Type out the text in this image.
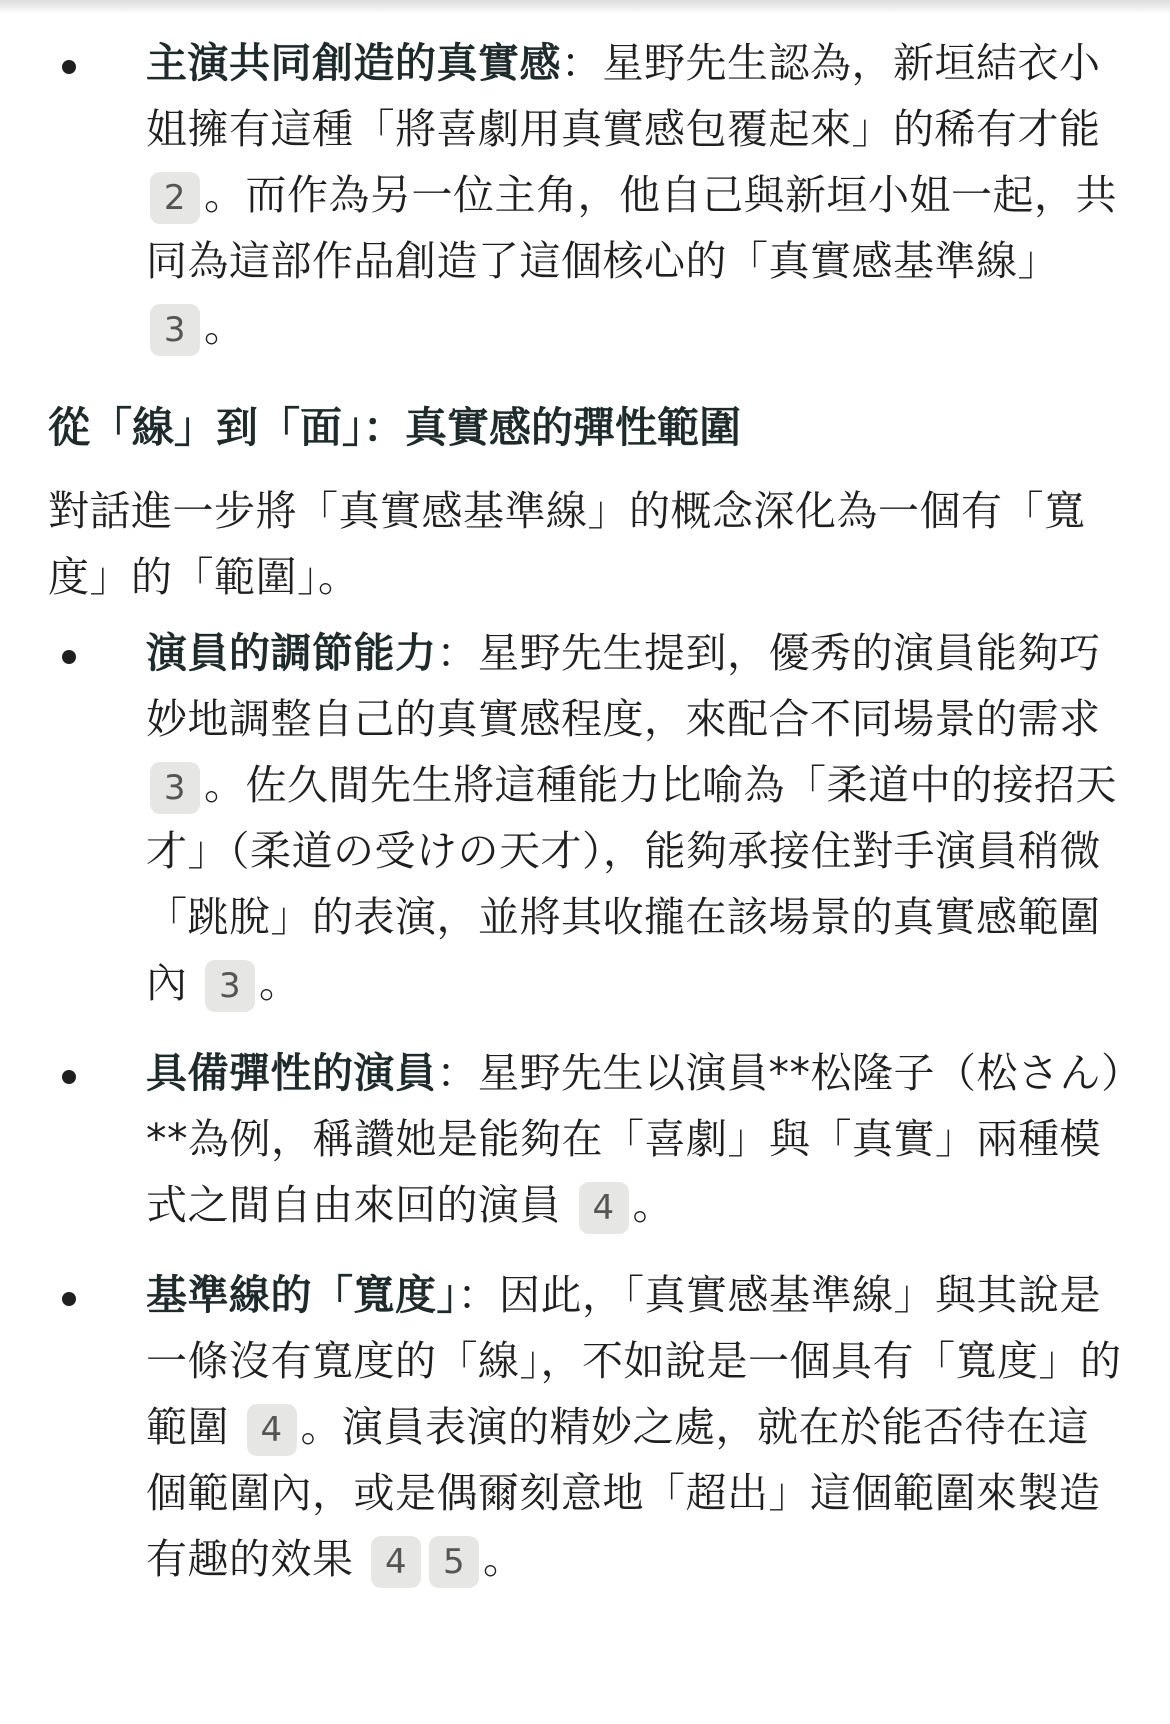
主演共同創造的真實感：星野先生認為，新垣結衣小姐擁有這種「將喜劇用真實感包覆起來」的稀有才能 2 。而作為另一位主角，他自己與新垣小姐一起，共同為這部作品創造了這個核心的「真實感基準線」 3 。
從「線」到「面」：真實感的彈性範圍

對話進一步將「真實感基準線」的概念深化為一個有「寬度」的「範圍」。

演員的調節能力：星野先生提到，優秀的演員能夠巧妙地調整自己的真實感程度，來配合不同場景的需求 3 。佐久間先生將這種能力比喻為「柔道中的接招天才」（柔道の受けの天才），能夠承接住對手演員稍微「跳脫」的表演，並將其收攏在該場景的真實感範圍內 3 。
具備彈性的演員：星野先生以演員**松隆子（松さん）**為例，稱讚她是能夠在「喜劇」與「真實」兩種模式之間自由來回的演員 4 。
基準線的「寬度」：因此，「真實感基準線」與其說是一條沒有寬度的「線」，不如說是一個具有「寬度」的範圍 4 。演員表演的精妙之處，就在於能否待在這個範圍內，或是偶爾刻意地「超出」這個範圍來製造有趣的效果 4 5 。
